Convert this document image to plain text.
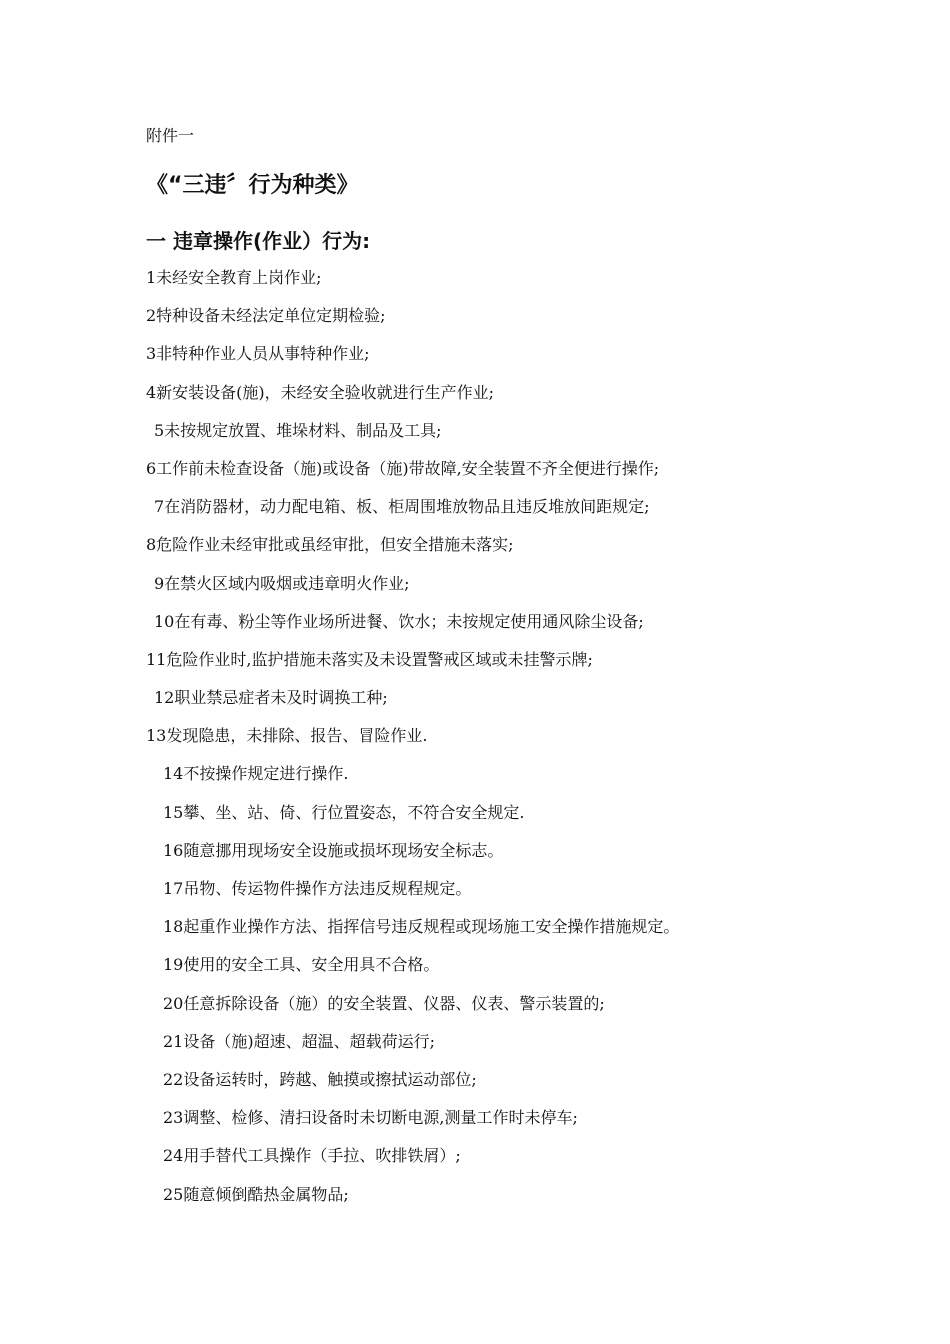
附件一
《“三违〞行为种类》
一 违章操作(作业）行为:
1未经安全教育上岗作业;
2特种设备未经法定单位定期检验;
3非特种作业人员从事特种作业;
4新安装设备(施)，未经安全验收就进行生产作业;
5未按规定放置、堆垛材料、制品及工具;
6工作前未检查设备（施)或设备（施)带故障,安全装置不齐全便进行操作;
7在消防器材，动力配电箱、板、柜周围堆放物品且违反堆放间距规定;
8危险作业未经审批或虽经审批，但安全措施未落实;
9在禁火区域内吸烟或违章明火作业;
10在有毒、粉尘等作业场所进餐、饮水；未按规定使用通风除尘设备;
11危险作业时,监护措施未落实及未设置警戒区域或未挂警示牌;
12职业禁忌症者未及时调换工种;
13发现隐患，未排除、报告、冒险作业.
14不按操作规定进行操作.
15攀、坐、站、倚、行位置姿态，不符合安全规定.
16随意挪用现场安全设施或损坏现场安全标志。
17吊物、传运物件操作方法违反规程规定。
18起重作业操作方法、指挥信号违反规程或现场施工安全操作措施规定。
19使用的安全工具、安全用具不合格。
20任意拆除设备（施）的安全装置、仪器、仪表、警示装置的;
21设备（施)超速、超温、超载荷运行;
22设备运转时，跨越、触摸或擦拭运动部位;
23调整、检修、清扫设备时未切断电源,测量工作时未停车;
24用手替代工具操作（手拉、吹排铁屑）;
25随意倾倒酷热金属物品;
